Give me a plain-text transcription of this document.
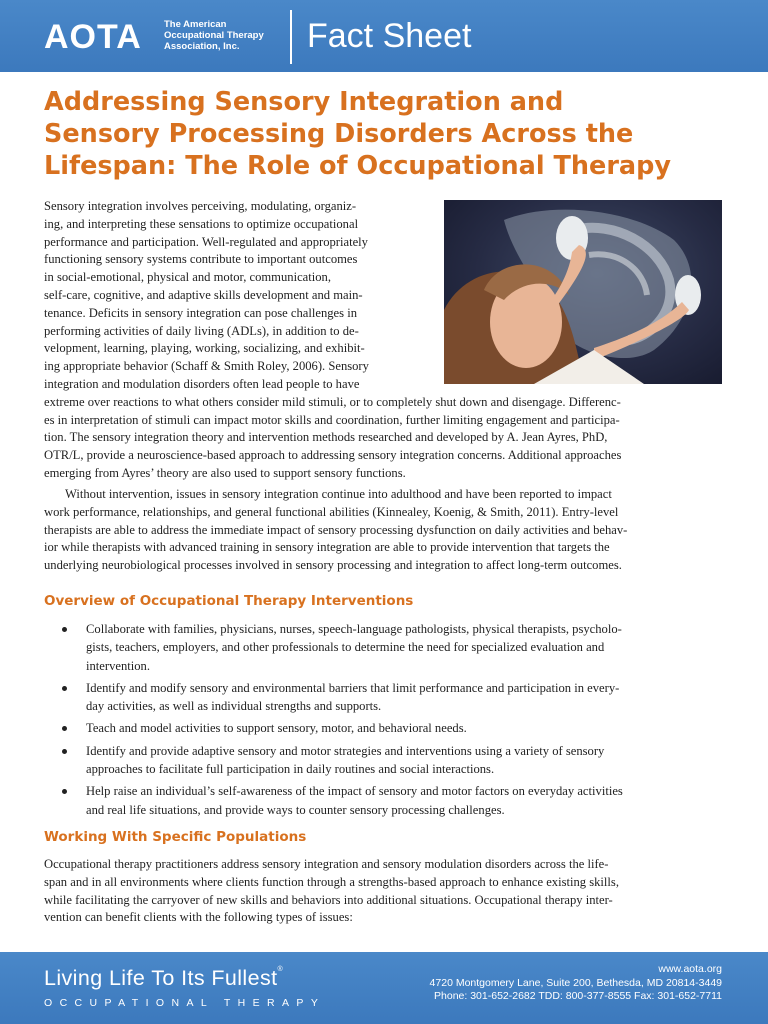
AOTA The American
Occupational Therapy
Association, Inc.	Fact Sheet
Addressing Sensory Integration and
Sensory Processing Disorders Across the
Lifespan: The Role of Occupational Therapy
Sensory integration involves perceiving, modulating, organiz-
ing, and interpreting these sensations to optimize occupational
performance and participation. Well-regulated and appropriately
functioning sensory systems contribute to important outcomes
in social-emotional, physical and motor, communication,
self-care, cognitive, and adaptive skills development and main-
tenance. Deficits in sensory integration can pose challenges in
performing activities of daily living (ADLs), in addition to de-
velopment, learning, playing, working, socializing, and exhibit-
ing appropriate behavior (Schaff & Smith Roley, 2006). Sensory
integration and modulation disorders often lead people to have
extreme over reactions to what others consider mild stimuli, or to completely shut down and disengage. Differenc-
es in interpretation of stimuli can impact motor skills and coordination, further limiting engagement and participa-
tion. The sensory integration theory and intervention methods researched and developed by A. Jean Ayres, PhD,
OTR/L, provide a neuroscience-based approach to addressing sensory integration concerns. Additional approaches
emerging from Ayres’ theory are also used to support sensory functions.
Without intervention, issues in sensory integration continue into adulthood and have been reported to impact
work performance, relationships, and general functional abilities (Kinnealey, Koenig, & Smith, 2011). Entry-level
therapists are able to address the immediate impact of sensory processing dysfunction on daily activities and behav-
ior while therapists with advanced training in sensory integration are able to provide intervention that targets the
underlying neurobiological processes involved in sensory processing and integration to affect long-term outcomes.
Overview of Occupational Therapy Interventions
Collaborate with families, physicians, nurses, speech-language pathologists, physical therapists, psycholo-
gists, teachers, employers, and other professionals to determine the need for specialized evaluation and
intervention.
Identify and modify sensory and environmental barriers that limit performance and participation in every-
day activities, as well as individual strengths and supports.
Teach and model activities to support sensory, motor, and behavioral needs.
Identify and provide adaptive sensory and motor strategies and interventions using a variety of sensory
approaches to facilitate full participation in daily routines and social interactions.
Help raise an individual’s self-awareness of the impact of sensory and motor factors on everyday activities
and real life situations, and provide ways to counter sensory processing challenges.
Working With Specific Populations
Occupational therapy practitioners address sensory integration and sensory modulation disorders across the life-
span and in all environments where clients function through a strengths-based approach to enhance existing skills,
while facilitating the carryover of new skills and behaviors into additional situations. Occupational therapy inter-
vention can benefit clients with the following types of issues:
Living Life To Its Fullest®
OCCUPATIONAL THERAPY
www.aota.org
4720 Montgomery Lane, Suite 200, Bethesda, MD 20814-3449
Phone: 301-652-2682 TDD: 800-377-8555 Fax: 301-652-7711
